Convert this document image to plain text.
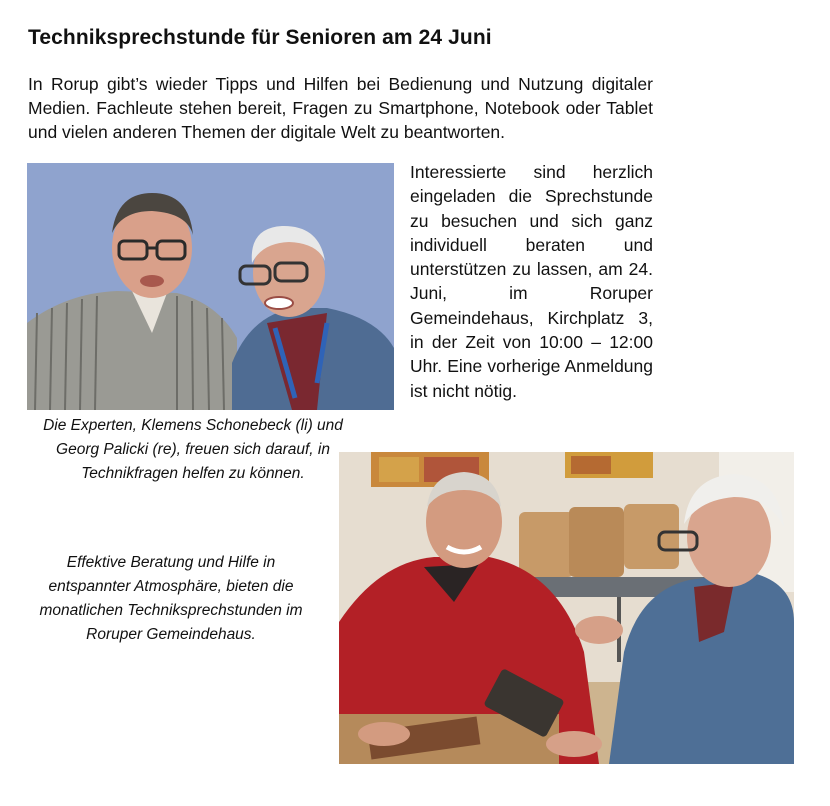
Techniksprechstunde für Senioren am 24 Juni

In Rorup gibt’s wieder Tipps und Hilfen bei Bedienung und Nutzung digitaler Medien. Fachleute stehen bereit, Fragen zu Smartphone, Notebook oder Tablet und vielen anderen Themen der digitale Welt zu beantworten.

Interessierte sind herzlich eingeladen die Sprechstunde zu besuchen und sich ganz individuell beraten und unterstützen zu lassen, am 24. Juni, im Roruper Gemeindehaus, Kirchplatz 3, in der Zeit von 10:00 – 12:00 Uhr. Eine vorherige Anmeldung ist nicht nötig.

Die Experten, Klemens Schonebeck (li) und Georg Palicki (re), freuen sich darauf, in Technikfragen helfen zu können.

Effektive Beratung und Hilfe in entspannter Atmosphäre, bieten die monatlichen Techniksprechstunden im Roruper Gemeindehaus.
